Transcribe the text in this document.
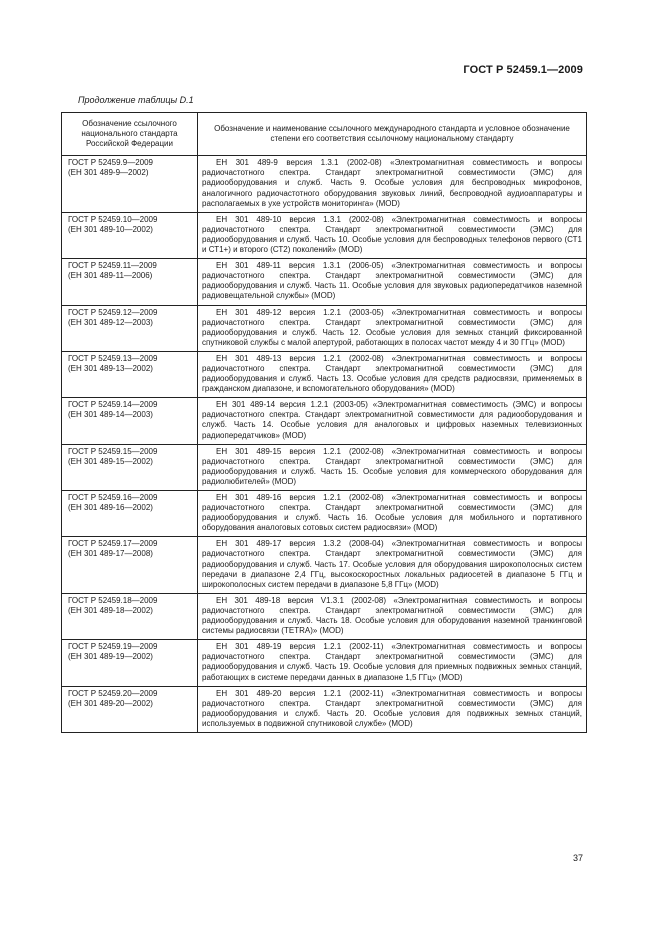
ГОСТ Р 52459.1—2009
Продолжение таблицы D.1
Обозначение ссылочного национального стандарта Российской Федерации	Обозначение и наименование ссылочного международного стандарта и условное обозначение степени его соответствия ссылочному национальному стандарту

ГОСТ Р 52459.9—2009
(ЕН 301 489-9—2002)	ЕН 301 489-9 версия 1.3.1 (2002-08) «Электромагнитная совместимость и вопросы радиочастотного спектра. Стандарт электромагнитной совместимости (ЭМС) для радиооборудования и служб. Часть 9. Особые условия для беспроводных микрофонов, аналогичного радиочастотного оборудования звуковых линий, беспроводной аудиоаппаратуры и располагаемых в ухе устройств мониторинга» (MOD)

ГОСТ Р 52459.10—2009
(ЕН 301 489-10—2002)	ЕН 301 489-10 версия 1.3.1 (2002-08) «Электромагнитная совместимость и вопросы радиочастотного спектра. Стандарт электромагнитной совместимости (ЭМС) для радиооборудования и служб. Часть 10. Особые условия для беспроводных телефонов первого (СТ1 и СТ1+) и второго (СТ2) поколений» (MOD)

ГОСТ Р 52459.11—2009
(ЕН 301 489-11—2006)	ЕН 301 489-11 версия 1.3.1 (2006-05) «Электромагнитная совместимость и вопросы радиочастотного спектра. Стандарт электромагнитной совместимости (ЭМС) для радиооборудования и служб. Часть 11. Особые условия для звуковых радиопередатчиков наземной радиовещательной службы» (MOD)

ГОСТ Р 52459.12—2009
(ЕН 301 489-12—2003)	ЕН 301 489-12 версия 1.2.1 (2003-05) «Электромагнитная совместимость и вопросы радиочастотного спектра. Стандарт электромагнитной совместимости (ЭМС) для радиооборудования и служб. Часть 12. Особые условия для земных станций фиксированной спутниковой службы с малой апертурой, работающих в полосах частот между 4 и 30 ГГц» (MOD)

ГОСТ Р 52459.13—2009
(ЕН 301 489-13—2002)	ЕН 301 489-13 версия 1.2.1 (2002-08) «Электромагнитная совместимость и вопросы радиочастотного спектра. Стандарт электромагнитной совместимости (ЭМС) для радиооборудования и служб. Часть 13. Особые условия для средств радиосвязи, применяемых в гражданском диапазоне, и вспомогательного оборудования» (MOD)

ГОСТ Р 52459.14—2009
(ЕН 301 489-14—2003)	ЕН 301 489-14 версия 1.2.1 (2003-05) «Электромагнитная совместимость (ЭМС) и вопросы радиочастотного спектра. Стандарт электромагнитной совместимости для радиооборудования и служб. Часть 14. Особые условия для аналоговых и цифровых наземных телевизионных радиопередатчиков» (MOD)

ГОСТ Р 52459.15—2009
(ЕН 301 489-15—2002)	ЕН 301 489-15 версия 1.2.1 (2002-08) «Электромагнитная совместимость и вопросы радиочастотного спектра. Стандарт электромагнитной совместимости (ЭМС) для радиооборудования и служб. Часть 15. Особые условия для коммерческого оборудования для радиолюбителей» (MOD)

ГОСТ Р 52459.16—2009
(ЕН 301 489-16—2002)	ЕН 301 489-16 версия 1.2.1 (2002-08) «Электромагнитная совместимость и вопросы радиочастотного спектра. Стандарт электромагнитной совместимости (ЭМС) для радиооборудования и служб. Часть 16. Особые условия для мобильного и портативного оборудования аналоговых сотовых систем радиосвязи» (MOD)

ГОСТ Р 52459.17—2009
(ЕН 301 489-17—2008)	ЕН 301 489-17 версия 1.3.2 (2008-04) «Электромагнитная совместимость и вопросы радиочастотного спектра. Стандарт электромагнитной совместимости (ЭМС) для радиооборудования и служб. Часть 17. Особые условия для оборудования широкополосных систем передачи в диапазоне 2,4 ГГц, высокоскоростных локальных радиосетей в диапазоне 5 ГГц и широкополосных систем передачи в диапазоне 5,8 ГГц» (MOD)

ГОСТ Р 52459.18—2009
(ЕН 301 489-18—2002)	ЕН 301 489-18 версия V1.3.1 (2002-08) «Электромагнитная совместимость и вопросы радиочастотного спектра. Стандарт электромагнитной совместимости (ЭМС) для радиооборудования и служб. Часть 18. Особые условия для оборудования наземной транкинговой системы радиосвязи (TETRA)» (MOD)

ГОСТ Р 52459.19—2009
(ЕН 301 489-19—2002)	ЕН 301 489-19 версия 1.2.1 (2002-11) «Электромагнитная совместимость и вопросы радиочастотного спектра. Стандарт электромагнитной совместимости (ЭМС) для радиооборудования и служб. Часть 19. Особые условия для приемных подвижных земных станций, работающих в системе передачи данных в диапазоне 1,5 ГГц» (MOD)

ГОСТ Р 52459.20—2009
(ЕН 301 489-20—2002)	ЕН 301 489-20 версия 1.2.1 (2002-11) «Электромагнитная совместимость и вопросы радиочастотного спектра. Стандарт электромагнитной совместимости (ЭМС) для радиооборудования и служб. Часть 20. Особые условия для подвижных земных станций, используемых в подвижной спутниковой службе» (MOD)
37
